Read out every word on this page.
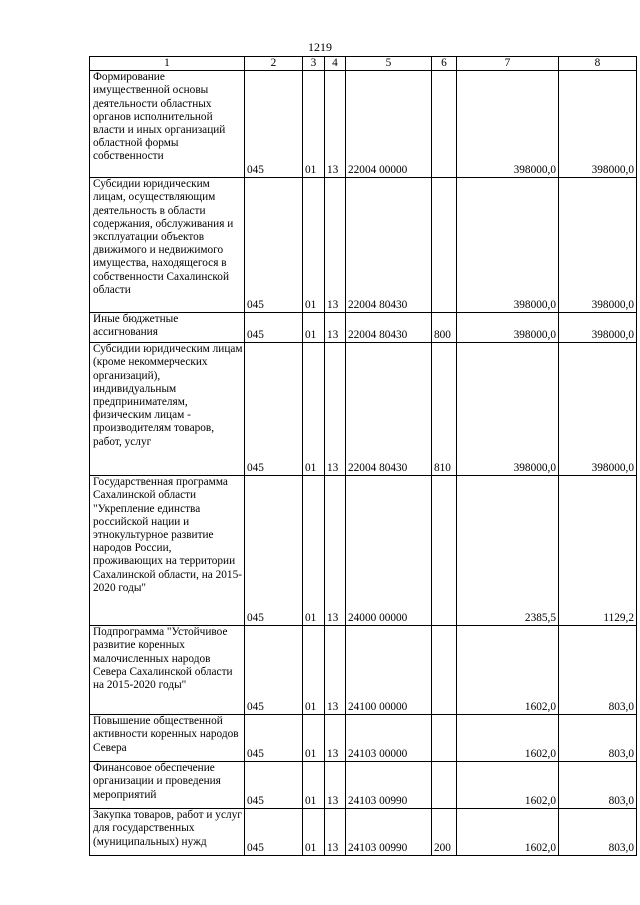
1219
1	2	3	4	5	6	7	8
Формирование имущественной основы деятельности областных органов исполнительной власти и иных организаций областной формы собственности	045	01	13	22004 00000		398000,0	398000,0
Субсидии юридическим лицам, осуществляющим деятельность в области содержания, обслуживания и эксплуатации объектов движимого и недвижимого имущества, находящегося в собственности Сахалинской области	045	01	13	22004 80430		398000,0	398000,0
Иные бюджетные ассигнования	045	01	13	22004 80430	800	398000,0	398000,0
Субсидии юридическим лицам (кроме некоммерческих организаций), индивидуальным предпринимателям, физическим лицам - производителям товаров, работ, услуг	045	01	13	22004 80430	810	398000,0	398000,0
Государственная программа Сахалинской области "Укрепление единства российской нации и этнокультурное развитие народов России, проживающих на территории Сахалинской области, на 2015-2020 годы"	045	01	13	24000 00000		2385,5	1129,2
Подпрограмма "Устойчивое развитие коренных малочисленных народов Севера Сахалинской области на 2015-2020 годы"	045	01	13	24100 00000		1602,0	803,0
Повышение общественной активности коренных народов Севера	045	01	13	24103 00000		1602,0	803,0
Финансовое обеспечение организации и проведения мероприятий	045	01	13	24103 00990		1602,0	803,0
Закупка товаров, работ и услуг для государственных (муниципальных) нужд	045	01	13	24103 00990	200	1602,0	803,0
